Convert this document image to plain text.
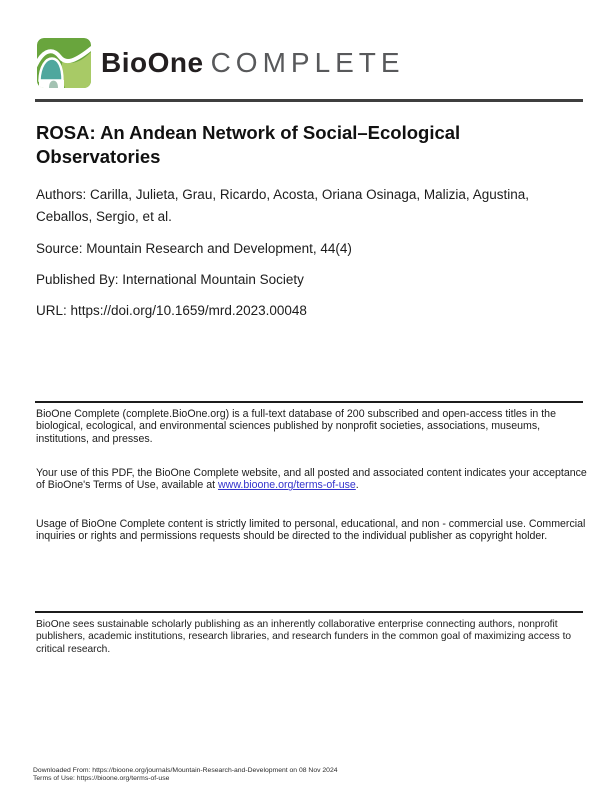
BioOne COMPLETE
ROSA: An Andean Network of Social–Ecological Observatories

Authors: Carilla, Julieta, Grau, Ricardo, Acosta, Oriana Osinaga, Malizia, Agustina, Ceballos, Sergio, et al.

Source: Mountain Research and Development, 44(4)

Published By: International Mountain Society

URL: https://doi.org/10.1659/mrd.2023.00048

BioOne Complete (complete.BioOne.org) is a full-text database of 200 subscribed and open-access titles in the biological, ecological, and environmental sciences published by nonprofit societies, associations, museums, institutions, and presses.

Your use of this PDF, the BioOne Complete website, and all posted and associated content indicates your acceptance of BioOne's Terms of Use, available at www.bioone.org/terms-of-use.

Usage of BioOne Complete content is strictly limited to personal, educational, and non - commercial use. Commercial inquiries or rights and permissions requests should be directed to the individual publisher as copyright holder.

BioOne sees sustainable scholarly publishing as an inherently collaborative enterprise connecting authors, nonprofit publishers, academic institutions, research libraries, and research funders in the common goal of maximizing access to critical research.

Downloaded From: https://bioone.org/journals/Mountain-Research-and-Development on 08 Nov 2024
Terms of Use: https://bioone.org/terms-of-use
